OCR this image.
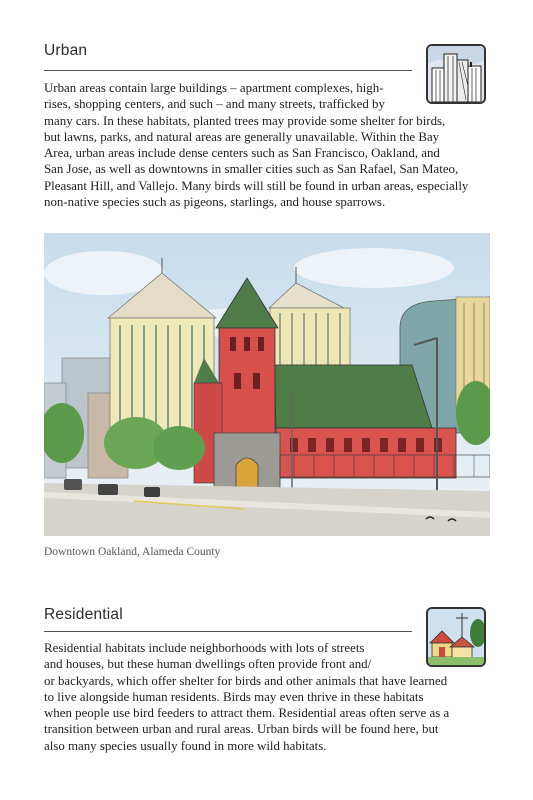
Urban
Urban areas contain large buildings – apartment complexes, high-
rises, shopping centers, and such – and many streets, trafficked by
many cars. In these habitats, planted trees may provide some shelter for birds,
but lawns, parks, and natural areas are generally unavailable. Within the Bay
Area, urban areas include dense centers such as San Francisco, Oakland, and
San Jose, as well as downtowns in smaller cities such as San Rafael, San Mateo,
Pleasant Hill, and Vallejo. Many birds will still be found in urban areas, especially
non-native species such as pigeons, starlings, and house sparrows.
Downtown Oakland, Alameda County
Residential
Residential habitats include neighborhoods with lots of streets
and houses, but these human dwellings often provide front and/
or backyards, which offer shelter for birds and other animals that have learned
to live alongside human residents. Birds may even thrive in these habitats
when people use bird feeders to attract them. Residential areas often serve as a
transition between urban and rural areas. Urban birds will be found here, but
also many species usually found in more wild habitats.
